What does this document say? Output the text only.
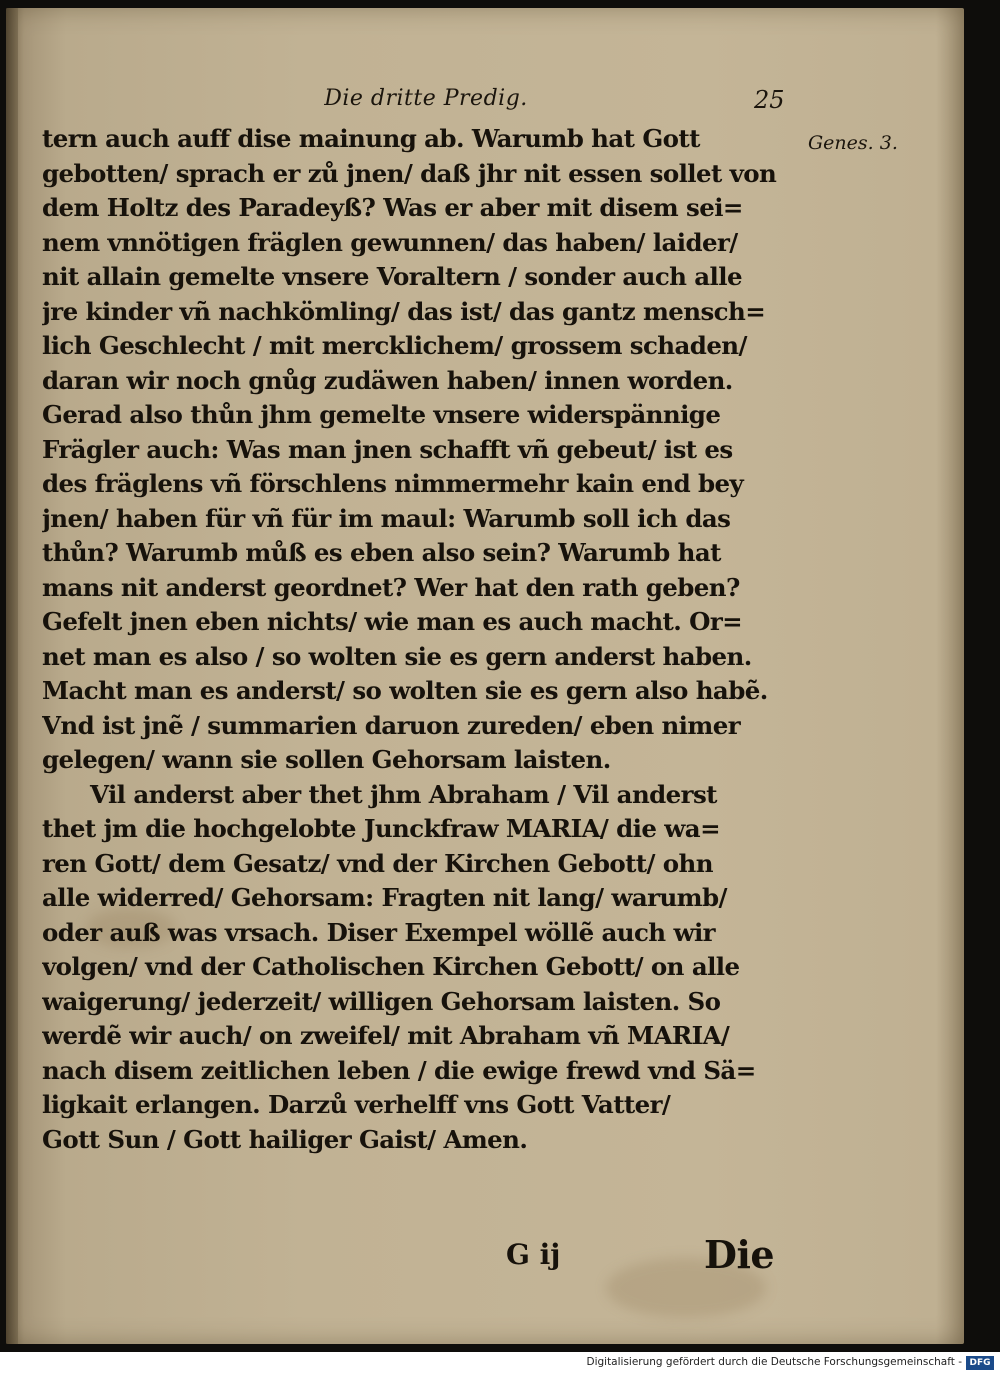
Die dritte Predig.	25
Genes. 3.
tern auch auff dise mainung ab. Warumb hat Gott
gebotten/ sprach er zů jnen/ daß jhr nit essen sollet von
dem Holtz des Paradeyß? Was er aber mit disem sei=
nem vnnötigen fräglen gewunnen/ das haben/ laider/
nit allain gemelte vnsere Voraltern / sonder auch alle
jre kinder vñ nachkömling/ das ist/ das gantz mensch=
lich Geschlecht / mit mercklichem/ grossem schaden/
daran wir noch gnůg zudäwen haben/ innen worden.
Gerad also thůn jhm gemelte vnsere widerspännige
Frägler auch: Was man jnen schafft vñ gebeut/ ist es
des fräglens vñ förschlens nimmermehr kain end bey
jnen/ haben für vñ für im maul: Warumb soll ich das
thůn? Warumb můß es eben also sein? Warumb hat
mans nit anderst geordnet? Wer hat den rath geben?
Gefelt jnen eben nichts/ wie man es auch macht. Or=
net man es also / so wolten sie es gern anderst haben.
Macht man es anderst/ so wolten sie es gern also habẽ.
Vnd ist jnẽ / summarien daruon zureden/ eben nimer
gelegen/ wann sie sollen Gehorsam laisten.
Vil anderst aber thet jhm Abraham / Vil anderst
thet jm die hochgelobte Junckfraw MARIA/ die wa=
ren Gott/ dem Gesatz/ vnd der Kirchen Gebott/ ohn
alle widerred/ Gehorsam: Fragten nit lang/ warumb/
oder auß was vrsach. Diser Exempel wöllẽ auch wir
volgen/ vnd der Catholischen Kirchen Gebott/ on alle
waigerung/ jederzeit/ willigen Gehorsam laisten. So
werdẽ wir auch/ on zweifel/ mit Abraham vñ MARIA/
nach disem zeitlichen leben / die ewige frewd vnd Sä=
ligkait erlangen. Darzů verhelff vns Gott Vatter/
Gott Sun / Gott hailiger Gaist/ Amen.
G ij	Die
Digitalisierung gefördert durch die Deutsche Forschungsgemeinschaft - DFG
